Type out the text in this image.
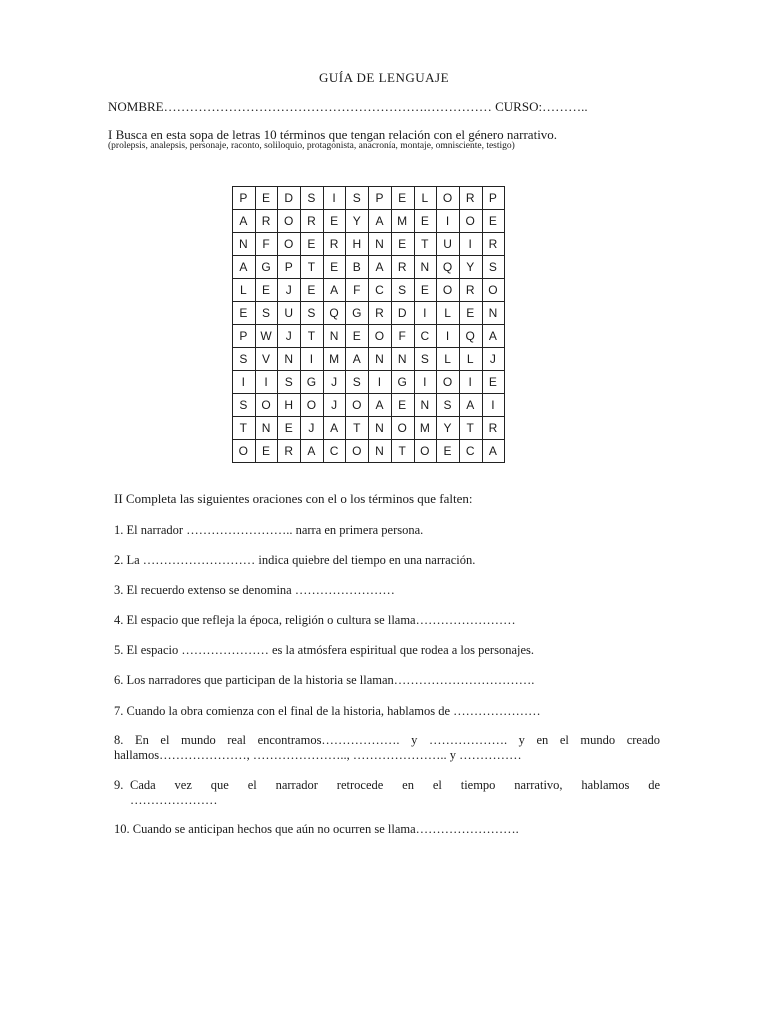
GUÍA DE LENGUAJE
NOMBRE…………………………………………………….…………… CURSO:………..
I Busca en esta sopa de letras 10 términos que tengan relación con el género narrativo.
(prolepsis, analepsis, personaje, raconto, soliloquio, protagonista, anacronía, montaje, omnisciente, testigo)
P	E	D	S	I	S	P	E	L	O	R	P
A	R	O	R	E	Y	A	M	E	I	O	E
N	F	O	E	R	H	N	E	T	U	I	R
A	G	P	T	E	B	A	R	N	Q	Y	S
L	E	J	E	A	F	C	S	E	O	R	O
E	S	U	S	Q	G	R	D	I	L	E	N
P	W	J	T	N	E	O	F	C	I	Q	A
S	V	N	I	M	A	N	N	S	L	L	J
I	I	S	G	J	S	I	G	I	O	I	E
S	O	H	O	J	O	A	E	N	S	A	I
T	N	E	J	A	T	N	O	M	Y	T	R
O	E	R	A	C	O	N	T	O	E	C	A
II Completa las siguientes oraciones con el o los términos que falten:
1. El narrador …………………….. narra en primera persona.
2. La ……………………… indica quiebre del tiempo en una narración.
3. El recuerdo extenso se denomina ……………………
4. El espacio que refleja la época, religión o cultura se llama……………………
5. El espacio ………………… es la atmósfera espiritual que rodea a los personajes.
6. Los narradores que participan de la historia se llaman…………………………….
7. Cuando la obra comienza con el final de la historia, hablamos de …………………
8. En el mundo real encontramos………………. y ………………. y en el mundo creado hallamos…………………, ………………….., ………………….. y ……………
9. Cada vez que el narrador retrocede en el tiempo narrativo, hablamos de
…………………
10. Cuando se anticipan hechos que aún no ocurren se llama…………………….
